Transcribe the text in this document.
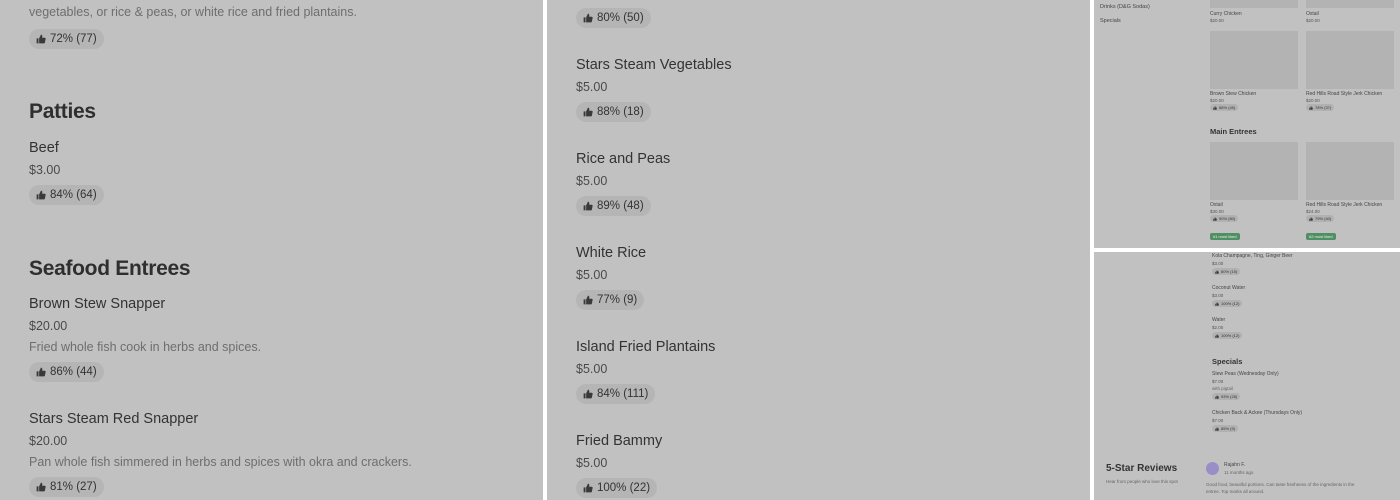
vegetables, or rice & peas, or white rice and fried plantains.
72% (77)
Patties
Beef
$3.00
84% (64)
Seafood Entrees
Brown Stew Snapper
$20.00
Fried whole fish cook in herbs and spices.
86% (44)
Stars Steam Red Snapper
$20.00
Pan whole fish simmered in herbs and spices with okra and crackers.
81% (27)
80% (50)
Stars Steam Vegetables
$5.00
88% (18)
Rice and Peas
$5.00
89% (48)
White Rice
$5.00
77% (9)
Island Fried Plantains
$5.00
84% (111)
Fried Bammy
$5.00
100% (22)
Drinks (D&G Sodas)
Specials
Curry Chicken
$20.00
Oxtail
$20.00
Brown Stew Chicken
$20.00
88% (45)
Red Hills Road Style Jerk Chicken
$20.00
78% (37)
Main Entrees
Oxtail
$30.00
90% (80)
Red Hills Road Style Jerk Chicken
$24.00
79% (40)
#1 most liked	#2 most liked
Kola Champagne, Ting, Ginger Beer
$3.00
80% (15)
Coconut Water
$3.00
100% (12)
Water
$2.00
100% (12)
Specials
Stew Peas (Wednesday Only)
$7.00
with pigtail
93% (28)
Chicken Back & Ackee (Thursdays Only)
$7.00
85% (9)
5-Star Reviews
Hear from people who love this spot
Rajahn F.
11 months ago
Good food, beautiful portions. Can taste freshness of the ingredients in the
entree. Top marks all around.
